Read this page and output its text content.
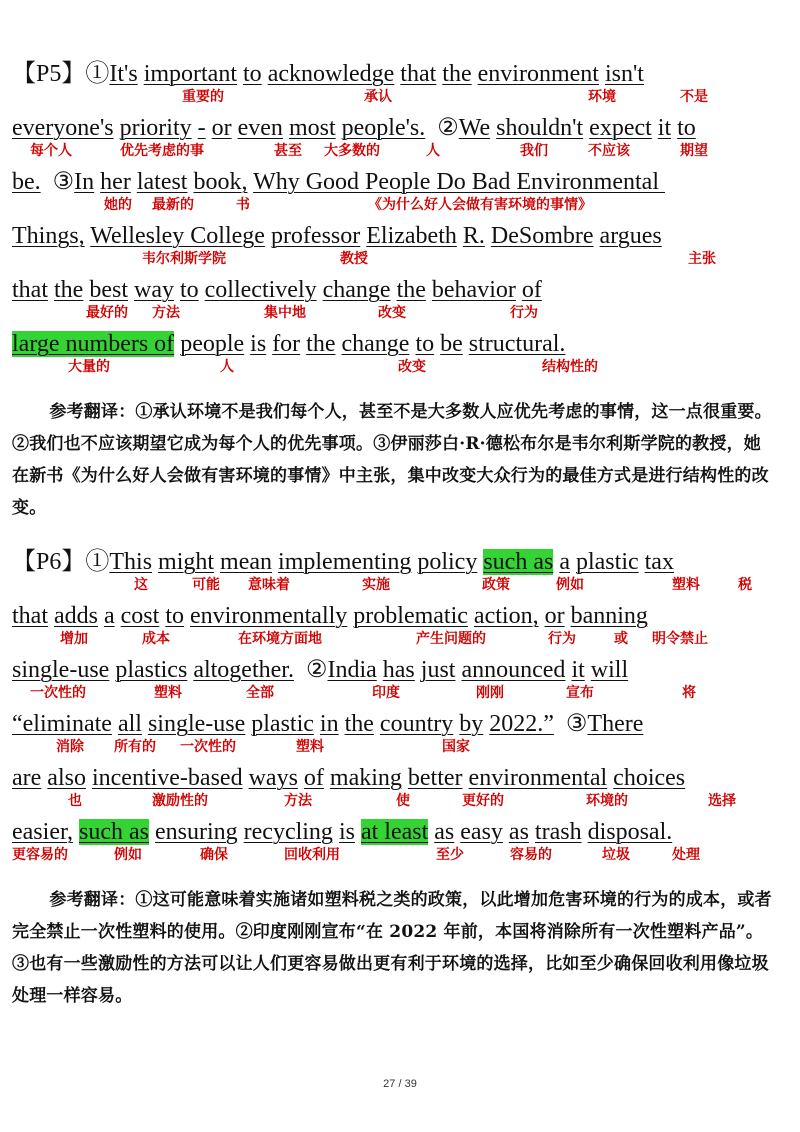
【P5】①It's important to acknowledge that the environment isn't
重要的	承认	环境	不是
everyone's priority - or even most people's.  ②We shouldn't expect it to
每个人	优先考虑的事	甚至 大多数的	人	我们	不应该	期望
be.  ③In her latest book, Why Good People Do Bad Environmental
她的 最新的	书	《为什么好人会做有害环境的事情》
Things, Wellesley College professor Elizabeth R. DeSombre argues
韦尔利斯学院	教授	主张
that the best way to collectively change the behavior of
最好的 方法	集中地	改变	行为
large numbers of people is for the change to be structural.
大量的	人	改变	结构性的
参考翻译：①承认环境不是我们每个人，甚至不是大多数人应优先考虑的事情，这一点很重要。②我们也不应该期望它成为每个人的优先事项。③伊丽莎白·R·德松布尔是韦尔利斯学院的教授，她在新书《为什么好人会做有害环境的事情》中主张，集中改变大众行为的最佳方式是进行结构性的改变。
【P6】①This might mean implementing policy such as a plastic tax
这	可能 意味着	实施	政策	例如	塑料	税
that adds a cost to environmentally problematic action, or banning
增加	成本	在环境方面地	产生问题的	行为	或 明令禁止
single-use plastics altogether.  ②India has just announced it will
一次性的	塑料	全部	印度	刚刚	宣布	将
“eliminate all single-use plastic in the country by 2022.”  ③There
消除 所有的 一次性的	塑料	国家
are also incentive-based ways of making better environmental choices
也	激励性的	方法	使	更好的	环境的	选择
easier, such as ensuring recycling is at least as easy as trash disposal.
更容易的	例如	确保	回收利用	至少	容易的	垃圾	处理
参考翻译：①这可能意味着实施诸如塑料税之类的政策，以此增加危害环境的行为的成本，或者完全禁止一次性塑料的使用。②印度刚刚宣布“在 2022 年前，本国将消除所有一次性塑料产品”。③也有一些激励性的方法可以让人们更容易做出更有利于环境的选择，比如至少确保回收利用像垃圾处理一样容易。
27 / 39
